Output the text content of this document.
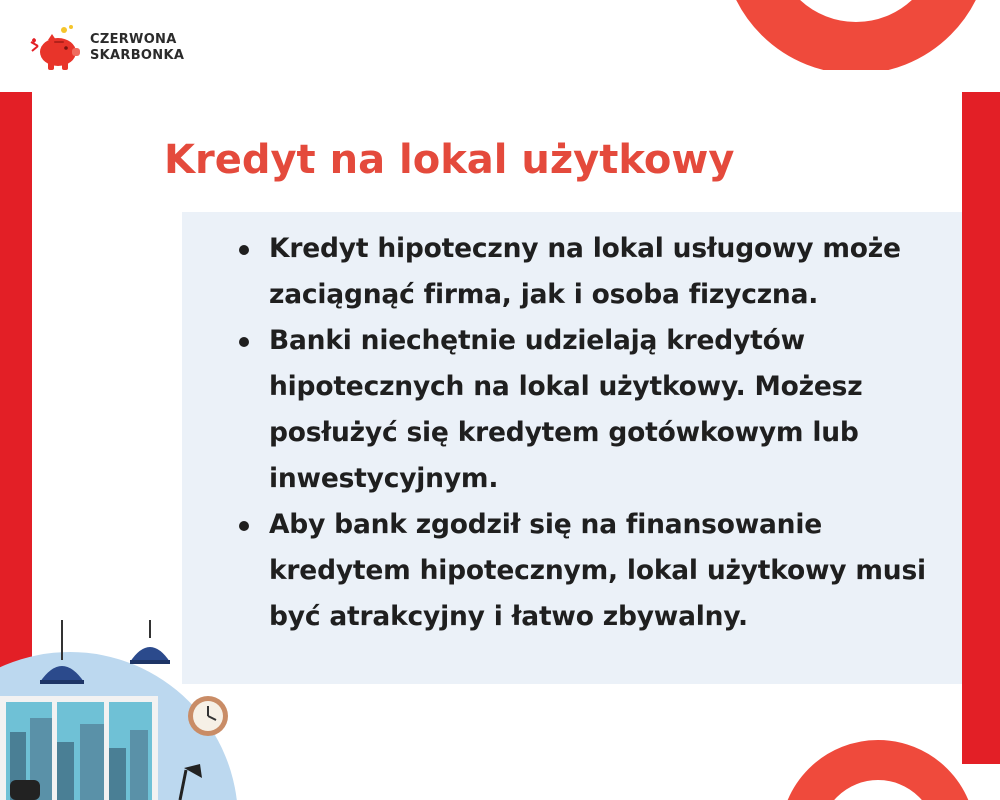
CZERWONA
SKARBONKA
Kredyt na lokal użytkowy
Kredyt hipoteczny na lokal usługowy może zaciągnąć firma, jak i osoba fizyczna.
Banki niechętnie udzielają kredytów hipotecznych na lokal użytkowy. Możesz posłużyć się kredytem gotówkowym lub inwestycyjnym.
Aby bank zgodził się na finansowanie kredytem hipotecznym, lokal użytkowy musi być atrakcyjny i łatwo zbywalny.
